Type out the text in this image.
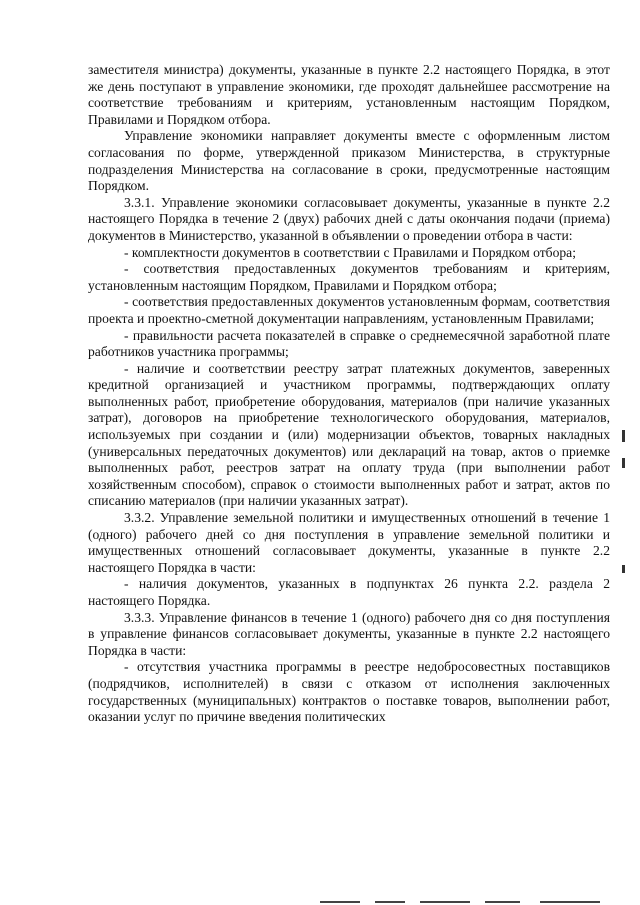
заместителя министра) документы, указанные в пункте 2.2 настоящего Порядка, в этот же день поступают в управление экономики, где проходят дальнейшее рассмотрение на соответствие требованиям и критериям, установленным настоящим Порядком, Правилами и Порядком отбора.

Управление экономики направляет документы вместе с оформленным листом согласования по форме, утвержденной приказом Министерства, в структурные подразделения Министерства на согласование в сроки, предусмотренные настоящим Порядком.

3.3.1. Управление экономики согласовывает документы, указанные в пункте 2.2 настоящего Порядка в течение 2 (двух) рабочих дней с даты окончания подачи (приема) документов в Министерство, указанной в объявлении о проведении отбора в части:

- комплектности документов в соответствии с Правилами и Порядком отбора;

- соответствия предоставленных документов требованиям и критериям, установленным настоящим Порядком, Правилами и Порядком отбора;

- соответствия предоставленных документов установленным формам, соответствия проекта и проектно-сметной документации направлениям, установленным Правилами;

- правильности расчета показателей в справке о среднемесячной заработной плате работников участника программы;

- наличие и соответствии реестру затрат платежных документов, заверенных кредитной организацией и участником программы, подтверждающих оплату выполненных работ, приобретение оборудования, материалов (при наличие указанных затрат), договоров на приобретение технологического оборудования, материалов, используемых при создании и (или) модернизации объектов, товарных накладных (универсальных передаточных документов) или деклараций на товар, актов о приемке выполненных работ, реестров затрат на оплату труда (при выполнении работ хозяйственным способом), справок о стоимости выполненных работ и затрат, актов по списанию материалов (при наличии указанных затрат).

3.3.2. Управление земельной политики и имущественных отношений в течение 1 (одного) рабочего дней со дня поступления в управление земельной политики и имущественных отношений согласовывает документы, указанные в пункте 2.2 настоящего Порядка в части:

- наличия документов, указанных в подпунктах 26 пункта 2.2. раздела 2 настоящего Порядка.

3.3.3. Управление финансов в течение 1 (одного) рабочего дня со дня поступления в управление финансов согласовывает документы, указанные в пункте 2.2 настоящего Порядка в части:

- отсутствия участника программы в реестре недобросовестных поставщиков (подрядчиков, исполнителей) в связи с отказом от исполнения заключенных государственных (муниципальных) контрактов о поставке товаров, выполнении работ, оказании услуг по причине введения политических
